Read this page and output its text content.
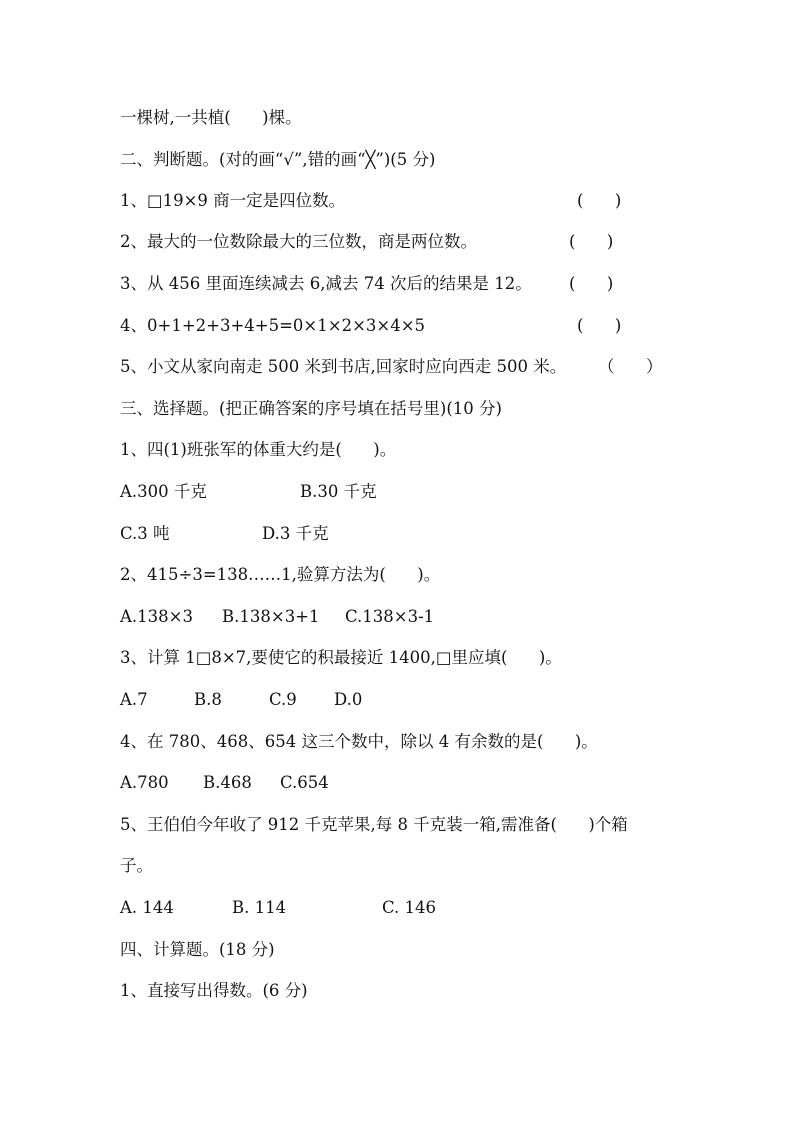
一棵树,一共植(      )棵。
二、判断题。(对的画“√”,错的画“╳”)(5 分)
1、□19×9 商一定是四位数。	(      )
2、最大的一位数除最大的三位数，商是两位数。	(      )
3、从 456 里面连续减去 6,减去 74 次后的结果是 12。 (      )
4、0+1+2+3+4+5=0×1×2×3×4×5	(      )
5、小文从家向南走 500 米到书店,回家时应向西走 500 米。 （      ）
三、选择题。(把正确答案的序号填在括号里)(10 分)
1、四(1)班张军的体重大约是(      )。
A.300 千克	B.30 千克
C.3 吨	D.3 千克
2、415÷3=138……1,验算方法为(      )。
A.138×3 B.138×3+1 C.138×3-1
3、计算 1□8×7,要使它的积最接近 1400,□里应填(      )。
A.7	B.8	C.9 D.0
4、在 780、468、654 这三个数中，除以 4 有余数的是(      )。
A.780 B.468 C.654
5、王伯伯今年收了 912 千克苹果,每 8 千克装一箱,需准备(      )个箱
子。
A. 144	B. 114	C. 146
四、计算题。(18 分)
1、直接写出得数。(6 分)
